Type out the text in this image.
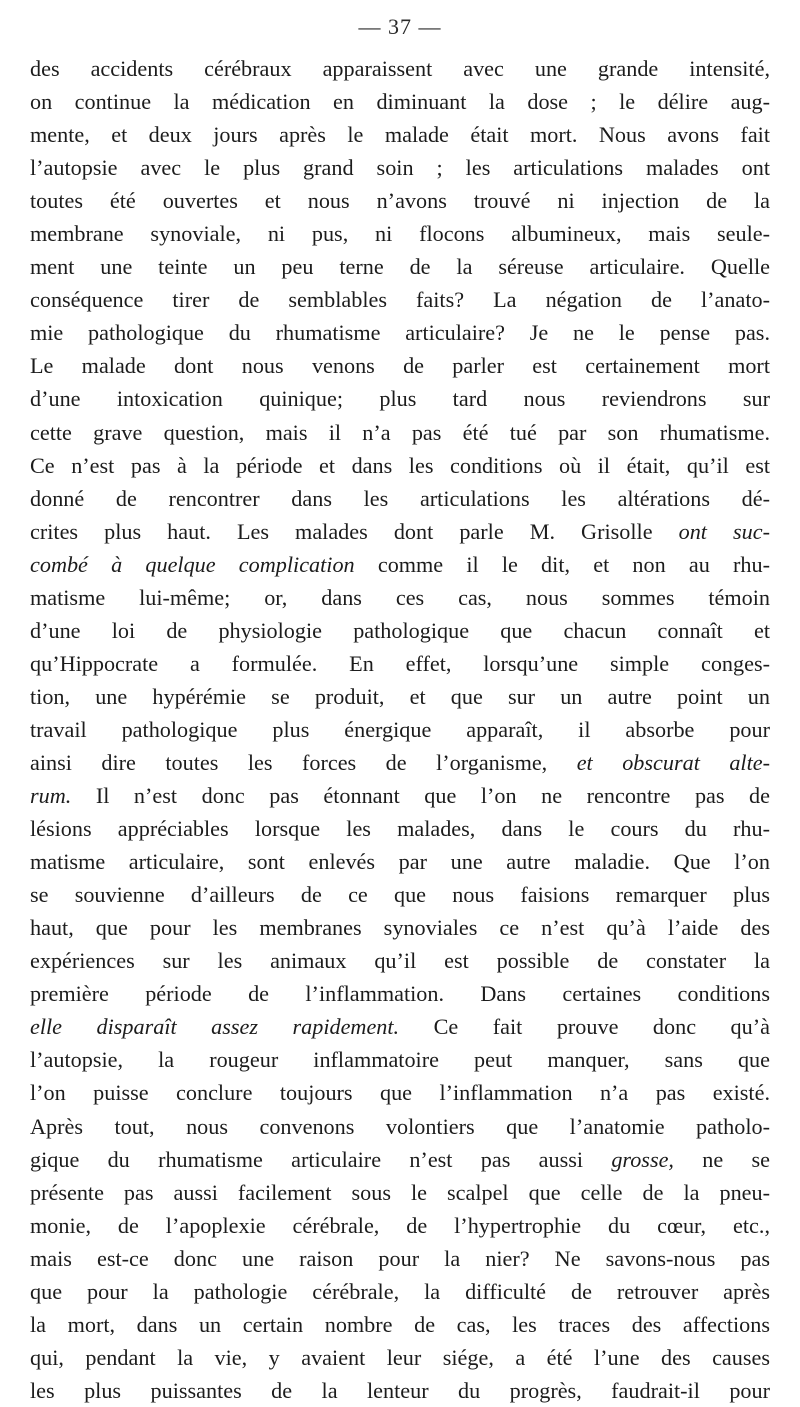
— 37 —
des accidents cérébraux apparaissent avec une grande intensité,
on continue la médication en diminuant la dose ; le délire aug-
mente, et deux jours après le malade était mort. Nous avons fait
l’autopsie avec le plus grand soin ; les articulations malades ont
toutes été ouvertes et nous n’avons trouvé ni injection de la
membrane synoviale, ni pus, ni flocons albumineux, mais seule-
ment une teinte un peu terne de la séreuse articulaire. Quelle
conséquence tirer de semblables faits? La négation de l’anato-
mie pathologique du rhumatisme articulaire? Je ne le pense pas.
Le malade dont nous venons de parler est certainement mort
d’une intoxication quinique; plus tard nous reviendrons sur
cette grave question, mais il n’a pas été tué par son rhumatisme.
Ce n’est pas à la période et dans les conditions où il était, qu’il est
donné de rencontrer dans les articulations les altérations dé-
crites plus haut. Les malades dont parle M. Grisolle ont suc-
combé à quelque complication comme il le dit, et non au rhu-
matisme lui-même; or, dans ces cas, nous sommes témoin
d’une loi de physiologie pathologique que chacun connaît et
qu’Hippocrate a formulée. En effet, lorsqu’une simple conges-
tion, une hypérémie se produit, et que sur un autre point un
travail pathologique plus énergique apparaît, il absorbe pour
ainsi dire toutes les forces de l’organisme, et obscurat alte-
rum. Il n’est donc pas étonnant que l’on ne rencontre pas de
lésions appréciables lorsque les malades, dans le cours du rhu-
matisme articulaire, sont enlevés par une autre maladie. Que l’on
se souvienne d’ailleurs de ce que nous faisions remarquer plus
haut, que pour les membranes synoviales ce n’est qu’à l’aide des
expériences sur les animaux qu’il est possible de constater la
première période de l’inflammation. Dans certaines conditions
elle disparaît assez rapidement. Ce fait prouve donc qu’à
l’autopsie, la rougeur inflammatoire peut manquer, sans que
l’on puisse conclure toujours que l’inflammation n’a pas existé.
Après tout, nous convenons volontiers que l’anatomie patholo-
gique du rhumatisme articulaire n’est pas aussi grosse, ne se
présente pas aussi facilement sous le scalpel que celle de la pneu-
monie, de l’apoplexie cérébrale, de l’hypertrophie du cœur, etc.,
mais est-ce donc une raison pour la nier? Ne savons-nous pas
que pour la pathologie cérébrale, la difficulté de retrouver après
la mort, dans un certain nombre de cas, les traces des affections
qui, pendant la vie, y avaient leur siége, a été l’une des causes
les plus puissantes de la lenteur du progrès, faudrait-il pour
